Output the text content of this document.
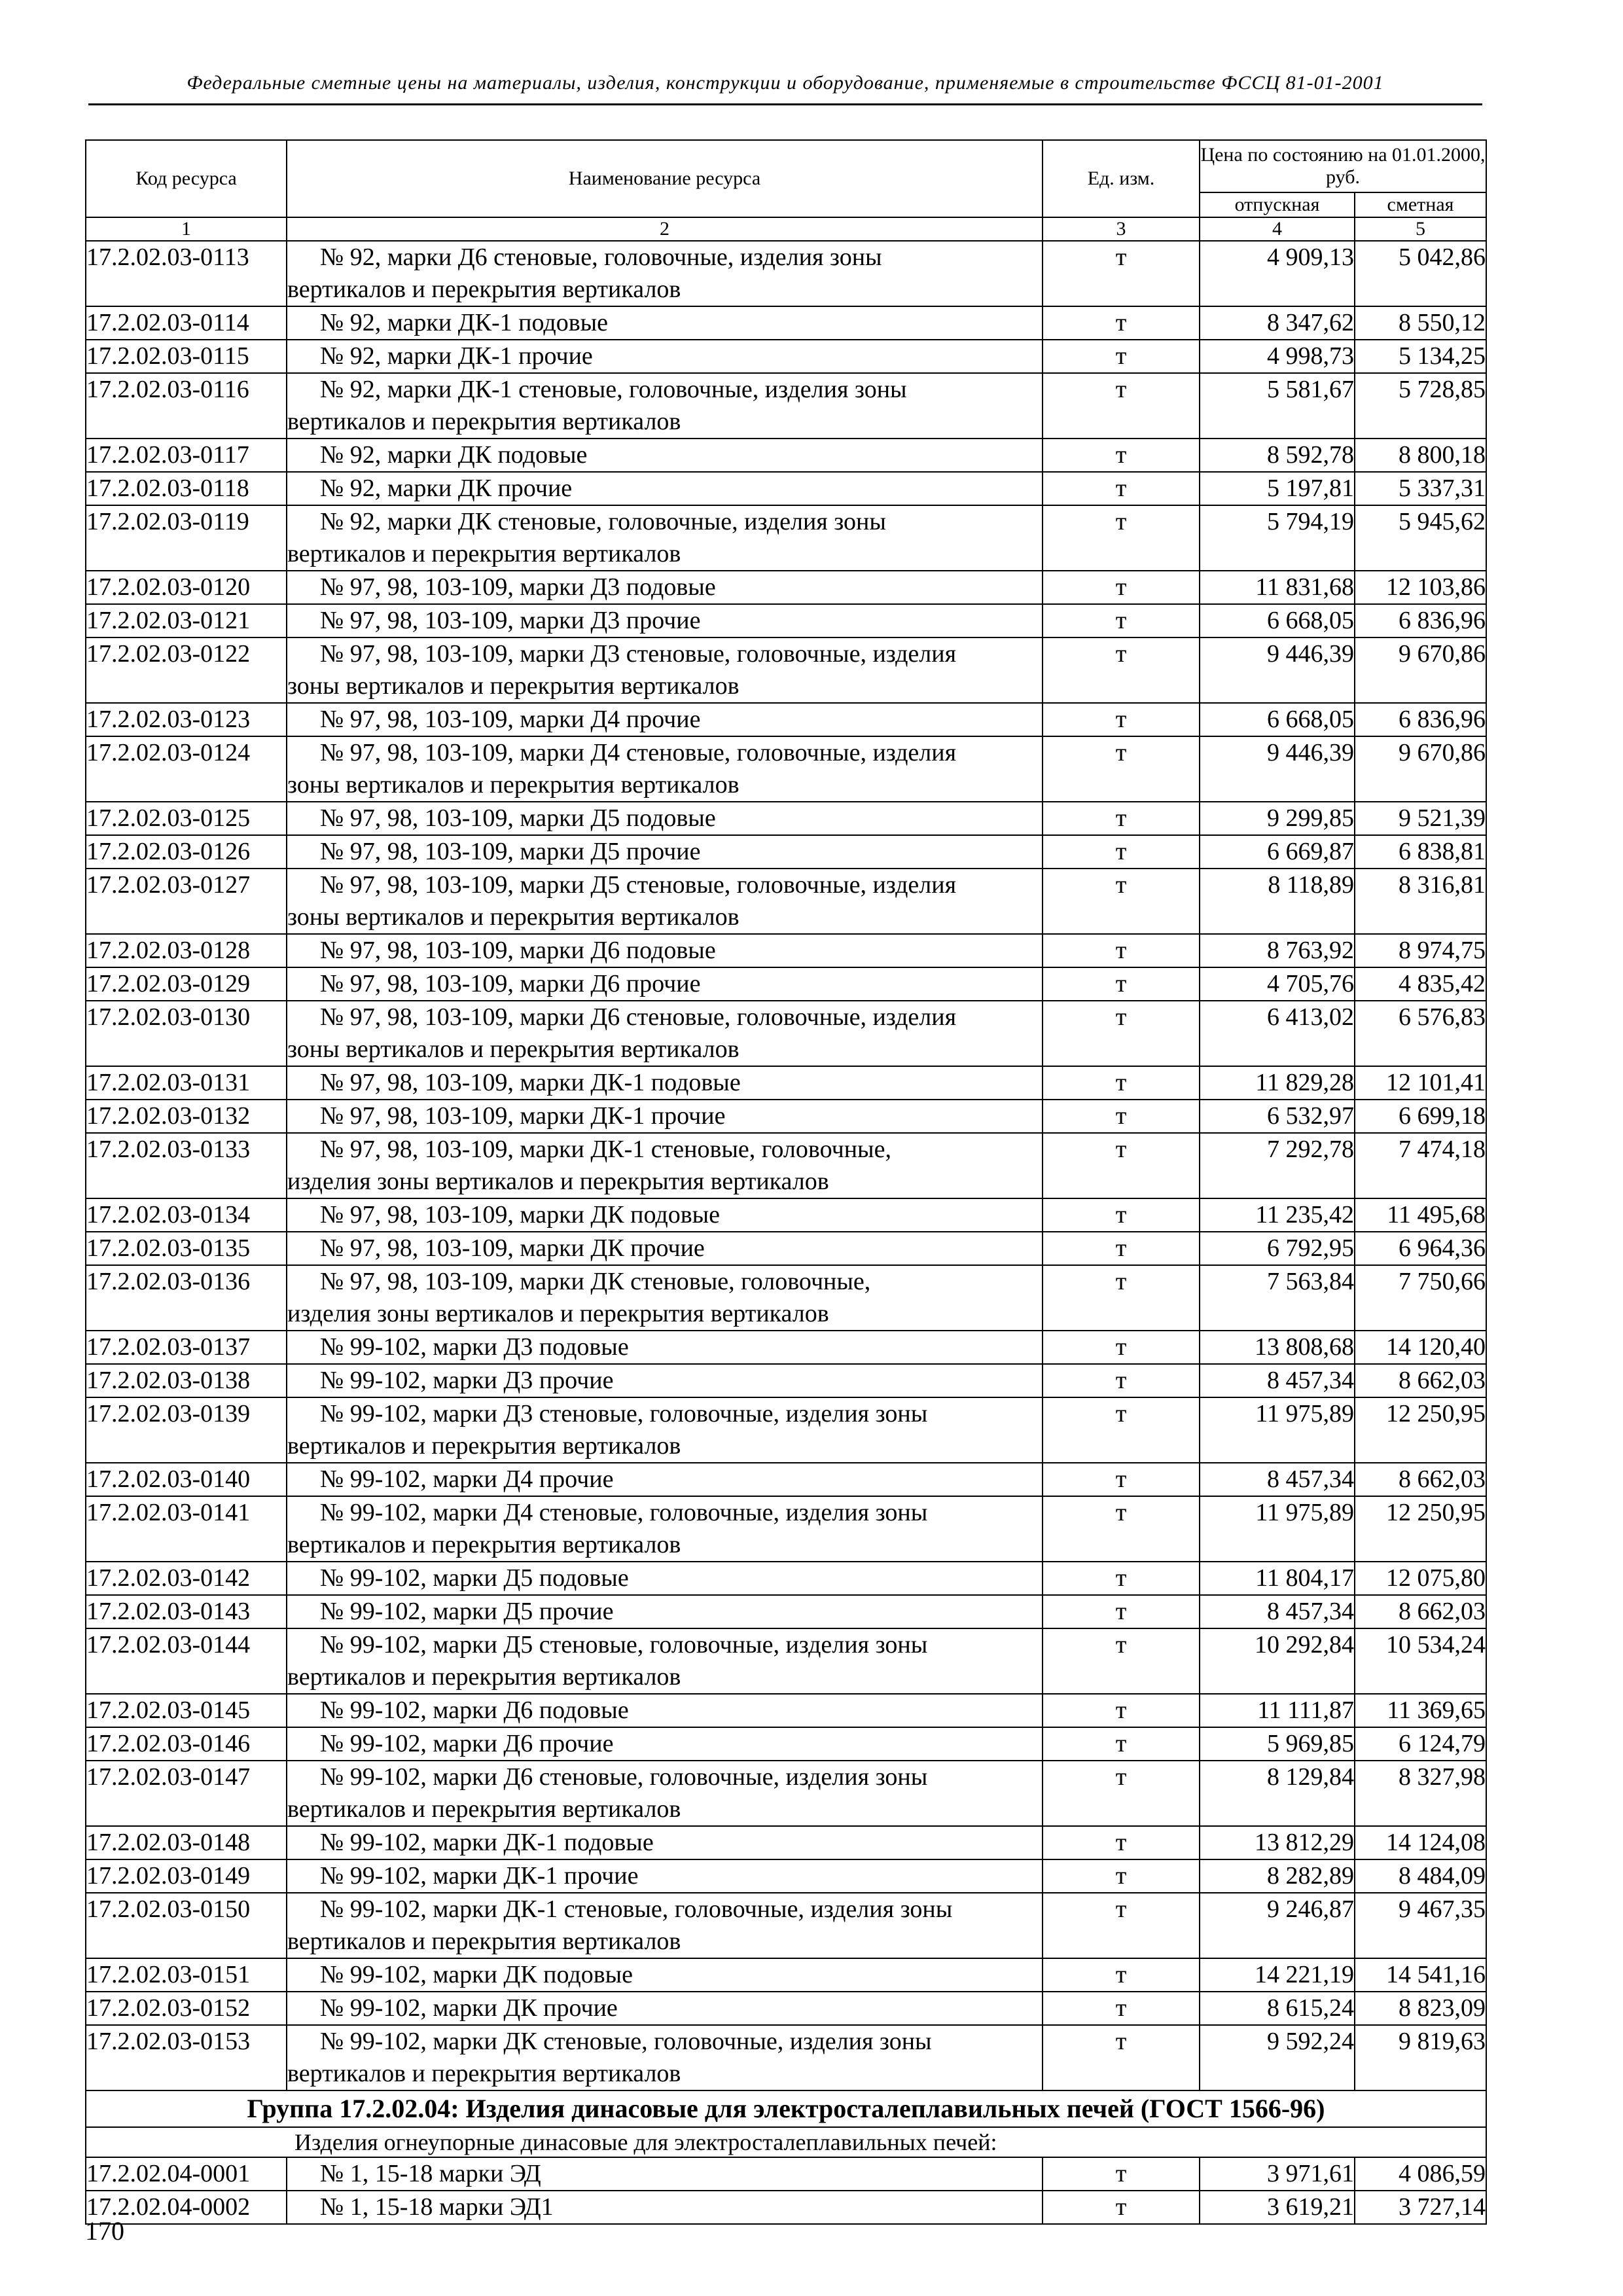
Федеральные сметные цены на материалы, изделия, конструкции и оборудование, применяемые в строительстве ФССЦ 81-01-2001
Код ресурса	Наименование ресурса	Ед. изм.	Цена по состоянию на 01.01.2000, руб.	
			отпускная	сметная
1	2	3	4	5
17.2.02.03-0113	№ 92, марки Д6 стеновые, головочные, изделия зоны
вертикалов и перекрытия вертикалов	т	4 909,13	5 042,86
17.2.02.03-0114	№ 92, марки ДК-1 подовые	т	8 347,62	8 550,12
17.2.02.03-0115	№ 92, марки ДК-1 прочие	т	4 998,73	5 134,25
17.2.02.03-0116	№ 92, марки ДК-1 стеновые, головочные, изделия зоны
вертикалов и перекрытия вертикалов	т	5 581,67	5 728,85
17.2.02.03-0117	№ 92, марки ДК подовые	т	8 592,78	8 800,18
17.2.02.03-0118	№ 92, марки ДК прочие	т	5 197,81	5 337,31
17.2.02.03-0119	№ 92, марки ДК стеновые, головочные, изделия зоны
вертикалов и перекрытия вертикалов	т	5 794,19	5 945,62
17.2.02.03-0120	№ 97, 98, 103-109, марки Д3 подовые	т	11 831,68	12 103,86
17.2.02.03-0121	№ 97, 98, 103-109, марки Д3 прочие	т	6 668,05	6 836,96
17.2.02.03-0122	№ 97, 98, 103-109, марки Д3 стеновые, головочные, изделия
зоны вертикалов и перекрытия вертикалов	т	9 446,39	9 670,86
17.2.02.03-0123	№ 97, 98, 103-109, марки Д4 прочие	т	6 668,05	6 836,96
17.2.02.03-0124	№ 97, 98, 103-109, марки Д4 стеновые, головочные, изделия
зоны вертикалов и перекрытия вертикалов	т	9 446,39	9 670,86
17.2.02.03-0125	№ 97, 98, 103-109, марки Д5 подовые	т	9 299,85	9 521,39
17.2.02.03-0126	№ 97, 98, 103-109, марки Д5 прочие	т	6 669,87	6 838,81
17.2.02.03-0127	№ 97, 98, 103-109, марки Д5 стеновые, головочные, изделия
зоны вертикалов и перекрытия вертикалов	т	8 118,89	8 316,81
17.2.02.03-0128	№ 97, 98, 103-109, марки Д6 подовые	т	8 763,92	8 974,75
17.2.02.03-0129	№ 97, 98, 103-109, марки Д6 прочие	т	4 705,76	4 835,42
17.2.02.03-0130	№ 97, 98, 103-109, марки Д6 стеновые, головочные, изделия
зоны вертикалов и перекрытия вертикалов	т	6 413,02	6 576,83
17.2.02.03-0131	№ 97, 98, 103-109, марки ДК-1 подовые	т	11 829,28	12 101,41
17.2.02.03-0132	№ 97, 98, 103-109, марки ДК-1 прочие	т	6 532,97	6 699,18
17.2.02.03-0133	№ 97, 98, 103-109, марки ДК-1 стеновые, головочные,
изделия зоны вертикалов и перекрытия вертикалов	т	7 292,78	7 474,18
17.2.02.03-0134	№ 97, 98, 103-109, марки ДК подовые	т	11 235,42	11 495,68
17.2.02.03-0135	№ 97, 98, 103-109, марки ДК прочие	т	6 792,95	6 964,36
17.2.02.03-0136	№ 97, 98, 103-109, марки ДК стеновые, головочные,
изделия зоны вертикалов и перекрытия вертикалов	т	7 563,84	7 750,66
17.2.02.03-0137	№ 99-102, марки Д3 подовые	т	13 808,68	14 120,40
17.2.02.03-0138	№ 99-102, марки Д3 прочие	т	8 457,34	8 662,03
17.2.02.03-0139	№ 99-102, марки Д3 стеновые, головочные, изделия зоны
вертикалов и перекрытия вертикалов	т	11 975,89	12 250,95
17.2.02.03-0140	№ 99-102, марки Д4 прочие	т	8 457,34	8 662,03
17.2.02.03-0141	№ 99-102, марки Д4 стеновые, головочные, изделия зоны
вертикалов и перекрытия вертикалов	т	11 975,89	12 250,95
17.2.02.03-0142	№ 99-102, марки Д5 подовые	т	11 804,17	12 075,80
17.2.02.03-0143	№ 99-102, марки Д5 прочие	т	8 457,34	8 662,03
17.2.02.03-0144	№ 99-102, марки Д5 стеновые, головочные, изделия зоны
вертикалов и перекрытия вертикалов	т	10 292,84	10 534,24
17.2.02.03-0145	№ 99-102, марки Д6 подовые	т	11 111,87	11 369,65
17.2.02.03-0146	№ 99-102, марки Д6 прочие	т	5 969,85	6 124,79
17.2.02.03-0147	№ 99-102, марки Д6 стеновые, головочные, изделия зоны
вертикалов и перекрытия вертикалов	т	8 129,84	8 327,98
17.2.02.03-0148	№ 99-102, марки ДК-1 подовые	т	13 812,29	14 124,08
17.2.02.03-0149	№ 99-102, марки ДК-1 прочие	т	8 282,89	8 484,09
17.2.02.03-0150	№ 99-102, марки ДК-1 стеновые, головочные, изделия зоны
вертикалов и перекрытия вертикалов	т	9 246,87	9 467,35
17.2.02.03-0151	№ 99-102, марки ДК подовые	т	14 221,19	14 541,16
17.2.02.03-0152	№ 99-102, марки ДК прочие	т	8 615,24	8 823,09
17.2.02.03-0153	№ 99-102, марки ДК стеновые, головочные, изделия зоны
вертикалов и перекрытия вертикалов	т	9 592,24	9 819,63
Группа 17.2.02.04: Изделия динасовые для электросталеплавильных печей (ГОСТ 1566-96)				
Изделия огнеупорные динасовые для электросталеплавильных печей:				
17.2.02.04-0001	№ 1, 15-18 марки ЭД	т	3 971,61	4 086,59
17.2.02.04-0002	№ 1, 15-18 марки ЭД1	т	3 619,21	3 727,14
170
